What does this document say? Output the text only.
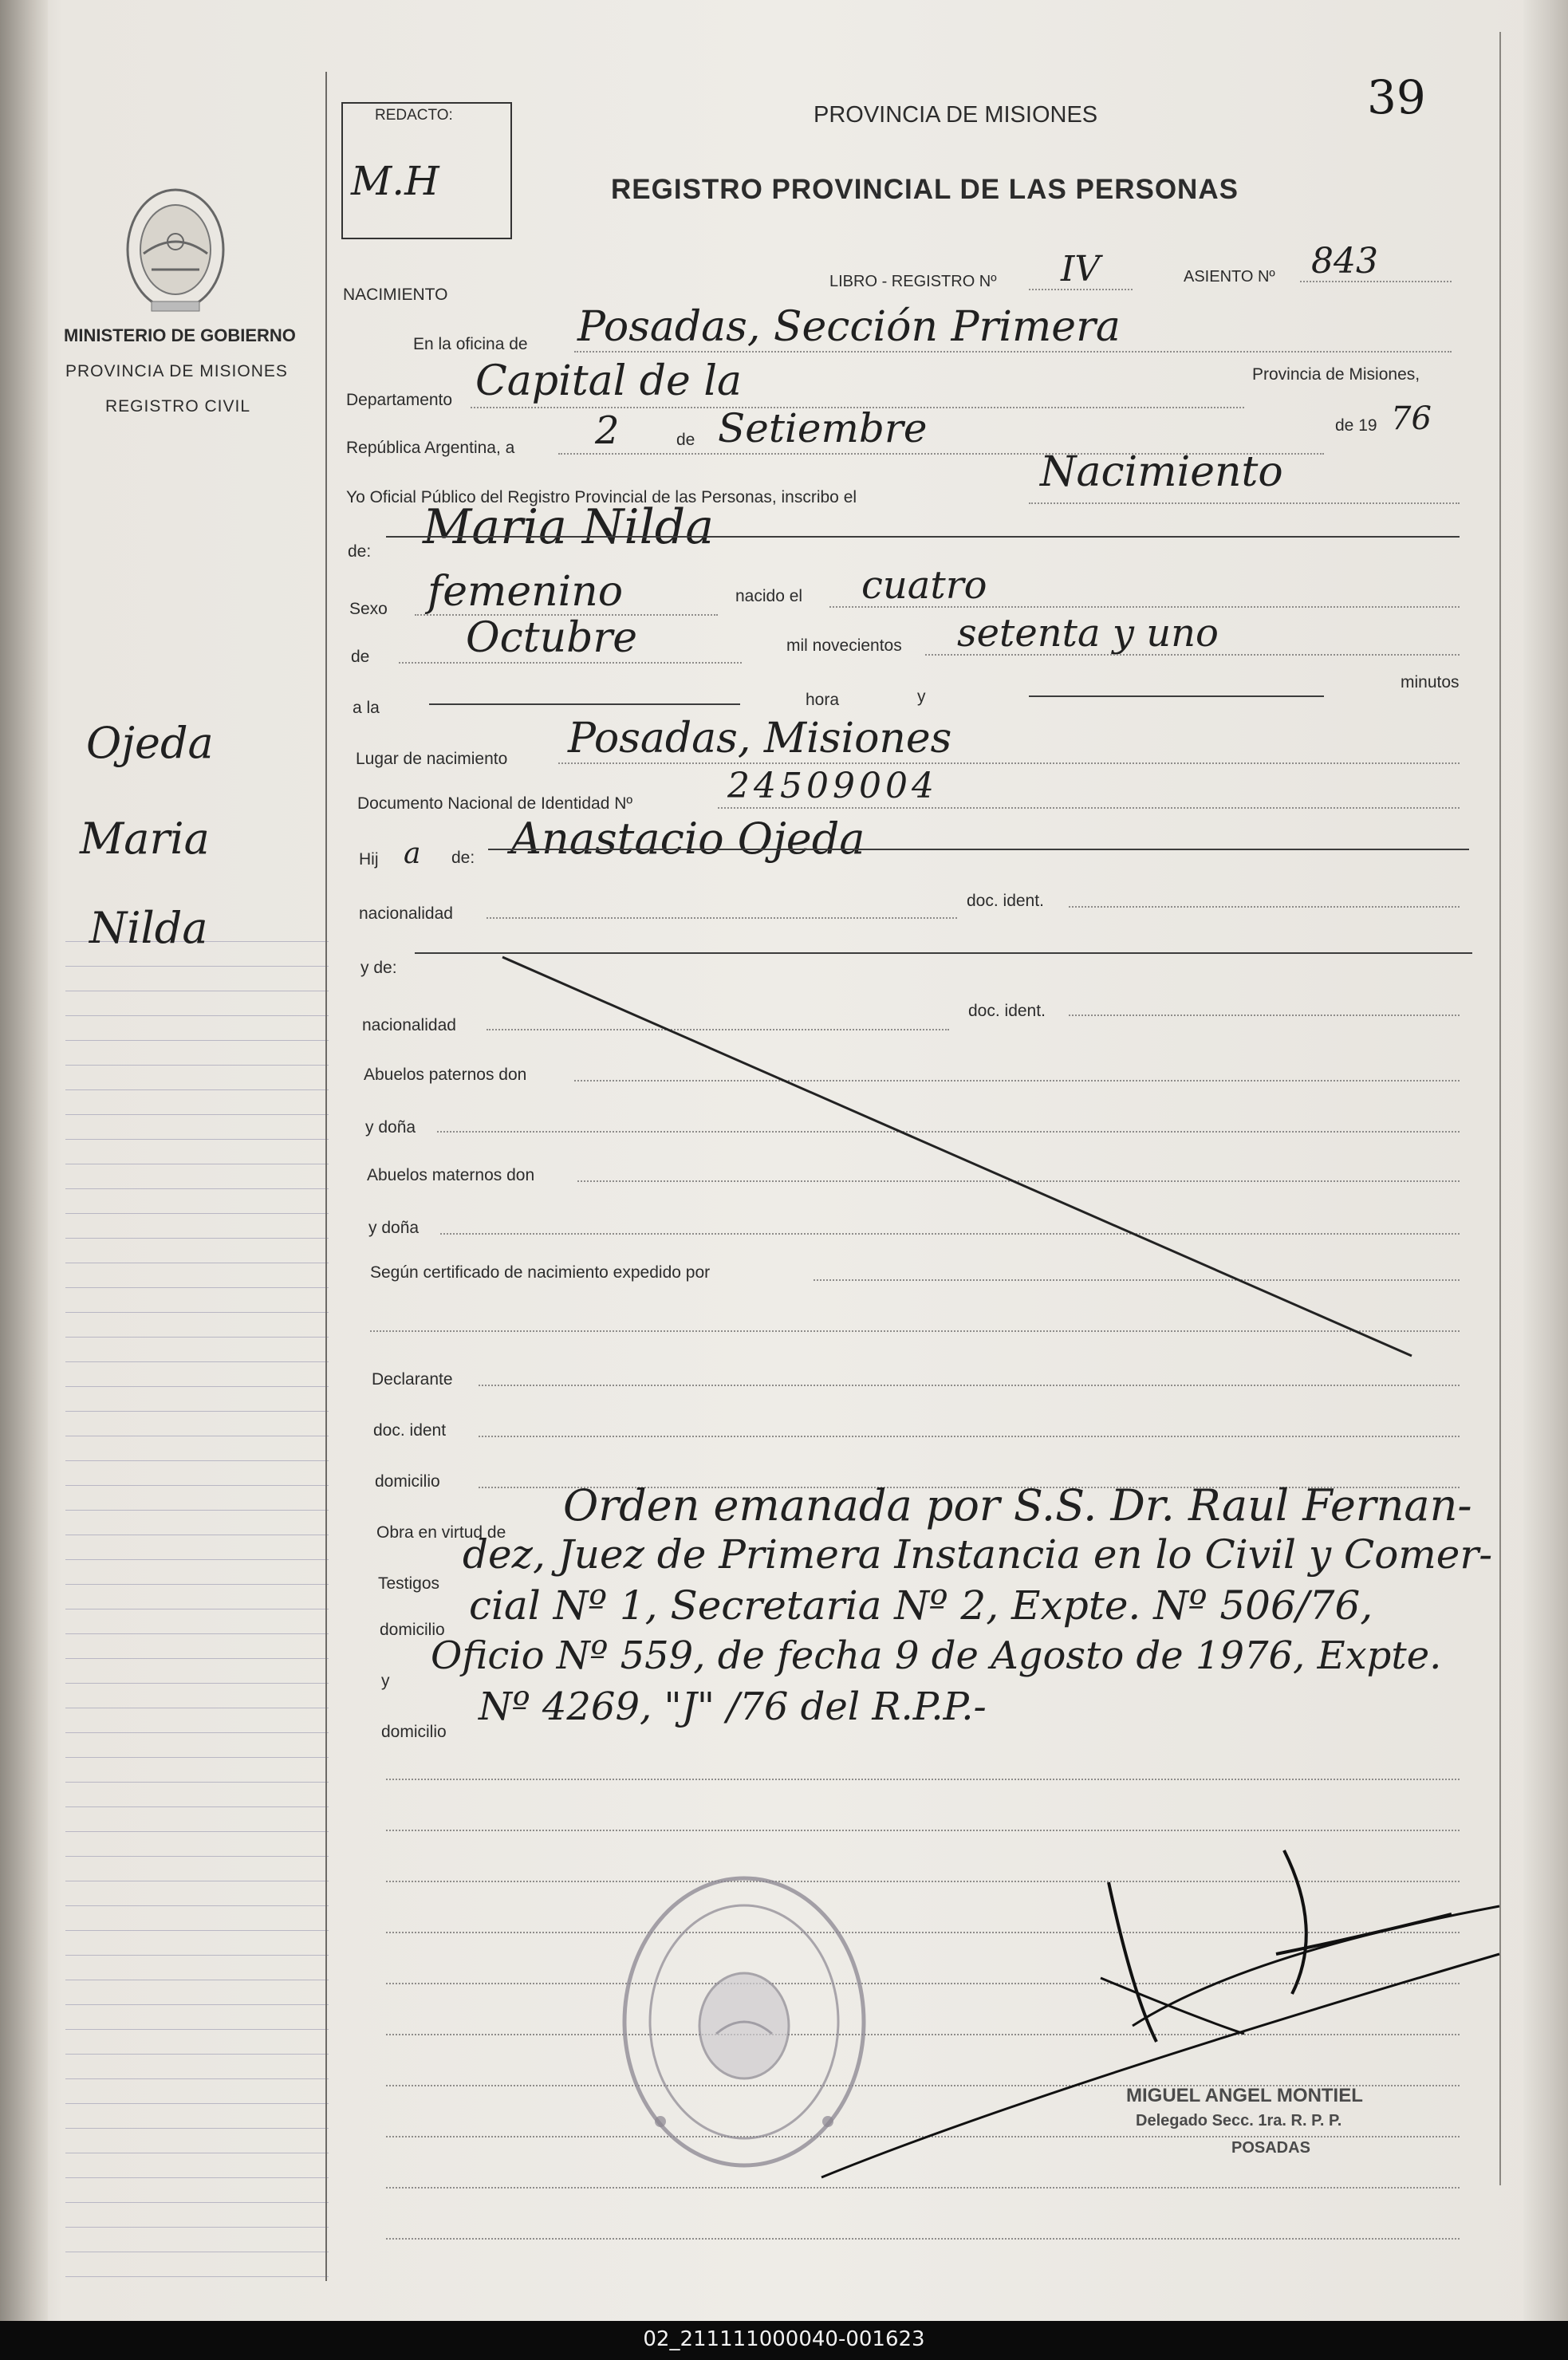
MINISTERIO DE GOBIERNO
PROVINCIA DE MISIONES
REGISTRO CIVIL
Ojeda
Maria
Nilda
REDACTO:
M.H
PROVINCIA DE MISIONES
REGISTRO PROVINCIAL DE LAS PERSONAS
39
NACIMIENTO
LIBRO - REGISTRO Nº IV	ASIENTO Nº 843
En la oficina de Posadas, Sección Primera
Departamento Capital de la	Provincia de Misiones,
República Argentina, a 2	de Setiembre	de 19 76
Yo Oficial Público del Registro Provincial de las Personas, inscribo el
Nacimiento
de: Maria Nilda
Sexo femenino	nacido el cuatro
de Octubre	mil novecientos setenta y uno
a la	hora	y
minutos
Lugar de nacimiento Posadas, Misiones
Documento Nacional de Identidad Nº	24509004
Hij a de: Anastacio Ojeda
nacionalidad
doc. ident.
y de:
nacionalidad
doc. ident.
Abuelos paternos don
y doña
Abuelos maternos don
y doña
Según certificado de nacimiento expedido por
Declarante
doc. ident
domicilio
Obra en virtud de
Testigos
domicilio
y
domicilio
Orden emanada por S.S. Dr. Raul Fernan-
dez, Juez de Primera Instancia en lo Civil y Comer-
cial Nº 1, Secretaria Nº 2, Expte. Nº 506/76,
Oficio Nº 559, de fecha 9 de Agosto de 1976, Expte.
Nº 4269, "J" /76 del R.P.P.-
MIGUEL ANGEL MONTIEL
Delegado Secc. 1ra. R. P. P.
POSADAS
02_211111000040-001623
